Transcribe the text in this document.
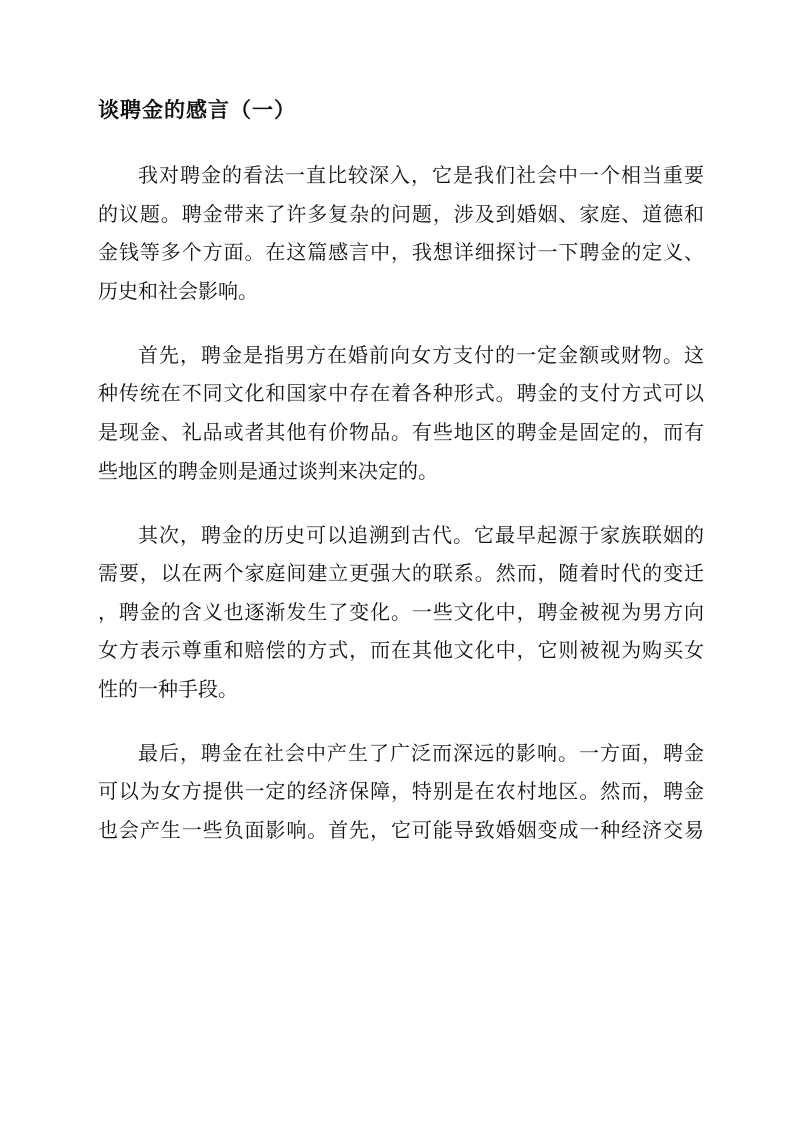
谈聘金的感言（一）
我对聘金的看法一直比较深入，它是我们社会中一个相当重要
的议题。聘金带来了许多复杂的问题，涉及到婚姻、家庭、道德和
金钱等多个方面。在这篇感言中，我想详细探讨一下聘金的定义、
历史和社会影响。
首先，聘金是指男方在婚前向女方支付的一定金额或财物。这
种传统在不同文化和国家中存在着各种形式。聘金的支付方式可以
是现金、礼品或者其他有价物品。有些地区的聘金是固定的，而有
些地区的聘金则是通过谈判来决定的。
其次，聘金的历史可以追溯到古代。它最早起源于家族联姻的
需要，以在两个家庭间建立更强大的联系。然而，随着时代的变迁
，聘金的含义也逐渐发生了变化。一些文化中，聘金被视为男方向
女方表示尊重和赔偿的方式，而在其他文化中，它则被视为购买女
性的一种手段。
最后，聘金在社会中产生了广泛而深远的影响。一方面，聘金
可以为女方提供一定的经济保障，特别是在农村地区。然而，聘金
也会产生一些负面影响。首先，它可能导致婚姻变成一种经济交易
